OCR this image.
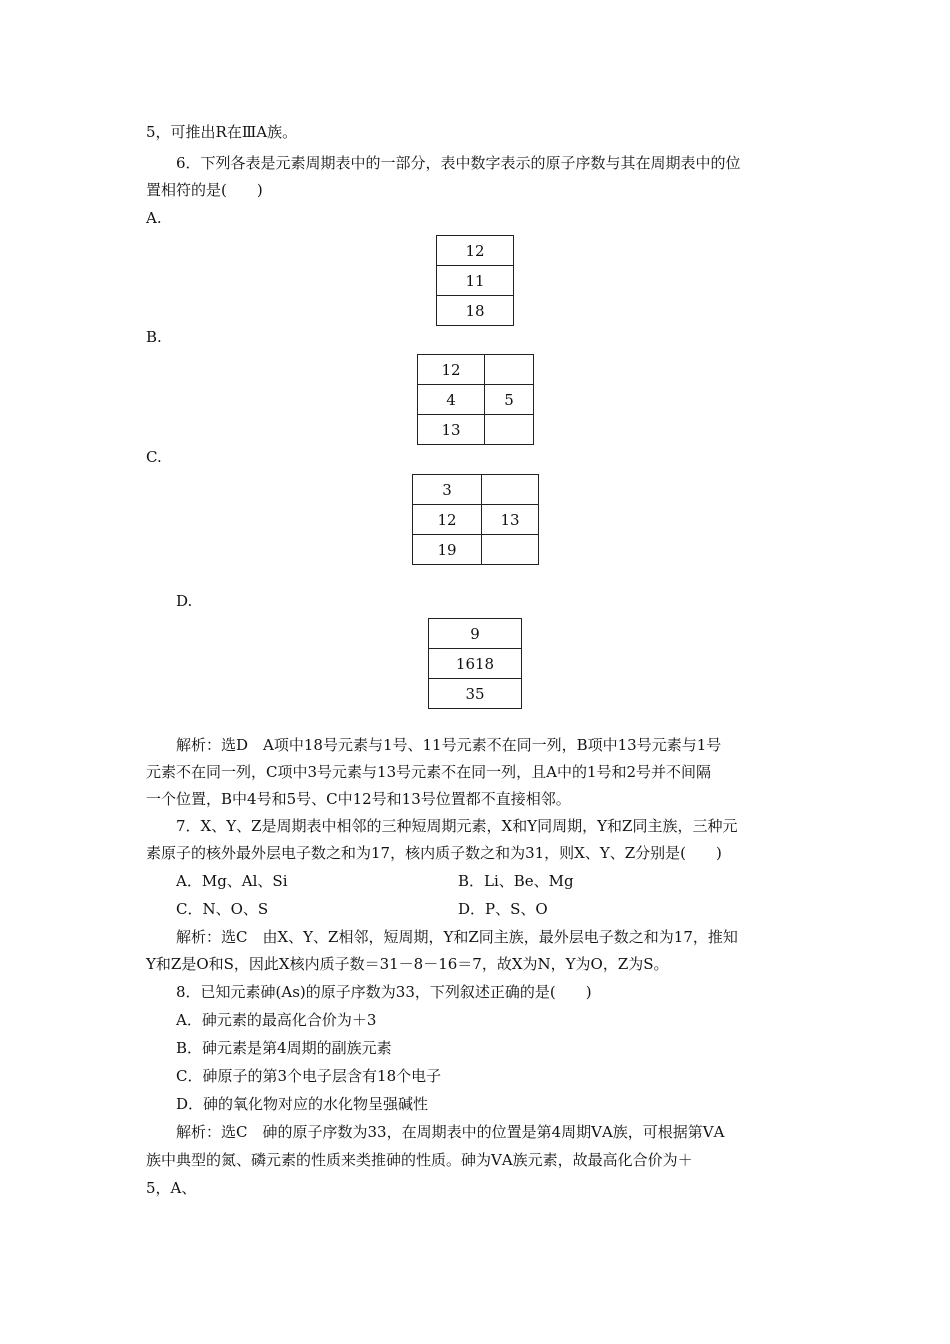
5，可推出R在ⅢA族。
6．下列各表是元素周期表中的一部分，表中数字表示的原子序数与其在周期表中的位
置相符的是(　　)
A.
12
11
18
B.
12	
4	5
13	
C.
3	
12	13
19	
D.
9
1618
35
解析：选D　A项中18号元素与1号、11号元素不在同一列，B项中13号元素与1号
元素不在同一列，C项中3号元素与13号元素不在同一列，且A中的1号和2号并不间隔
一个位置，B中4号和5号、C中12号和13号位置都不直接相邻。
7．X、Y、Z是周期表中相邻的三种短周期元素，X和Y同周期，Y和Z同主族，三种元
素原子的核外最外层电子数之和为17，核内质子数之和为31，则X、Y、Z分别是(　　)
A．Mg、Al、Si	B．Li、Be、Mg
C．N、O、S	D．P、S、O
解析：选C　由X、Y、Z相邻，短周期，Y和Z同主族，最外层电子数之和为17，推知
Y和Z是O和S，因此X核内质子数＝31－8－16＝7，故X为N，Y为O，Z为S。
8．已知元素砷(As)的原子序数为33，下列叙述正确的是(　　)
A．砷元素的最高化合价为＋3
B．砷元素是第4周期的副族元素
C．砷原子的第3个电子层含有18个电子
D．砷的氧化物对应的水化物呈强碱性
解析：选C　砷的原子序数为33，在周期表中的位置是第4周期ⅤA族，可根据第ⅤA
族中典型的氮、磷元素的性质来类推砷的性质。砷为ⅤA族元素，故最高化合价为＋
5，A、
